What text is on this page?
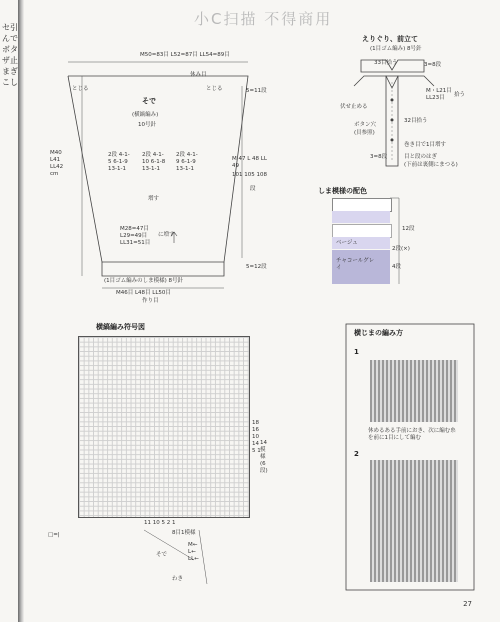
セ引んでボタザ止まぎこし
小C扫描 不得商用
M50=83目 L52=87目 LL54=89目
休み目
とじる	とじる
そで
(横縞編み)
10号針
5=11段
2段 4-1-5 6-1-9 13-1-1
2段 4-1-10 6-1-8 13-1-1
2段 4-1-9 6-1-9 13-1-1
増す
M 47 L 48 LL 49
101 105 108
段
M40 L41 LL42 cm
M28=47目 L29=49目 LL31=51目
に増す
(1目ゴム編みのしま模様) 8号針
5=12段
M46目 L48目 LL50目
作り目
えりぐり、前立て
(1目ゴム編み) 8号針
33目拾う	3=8段
M・L21目 LL23目	拾う
伏せ止める
ボタン穴
(貝参照)
32目拾う
巻き目で1目増す
3=8段	目と段のはぎ
(下前は裏側にまつる)
しま模様の配色
ベージュ
チャコールグレイ
12段
2段(×)
4段
横縞編み符号図
18 16 10 14 5 1
14模様(6段)
11 10 5 2 1
8目1模様
□=|
そで
わき
M← L← LL←
横じまの編み方
1
休めるある手前におき、次に編む糸を前に1目にして編む
2
27
